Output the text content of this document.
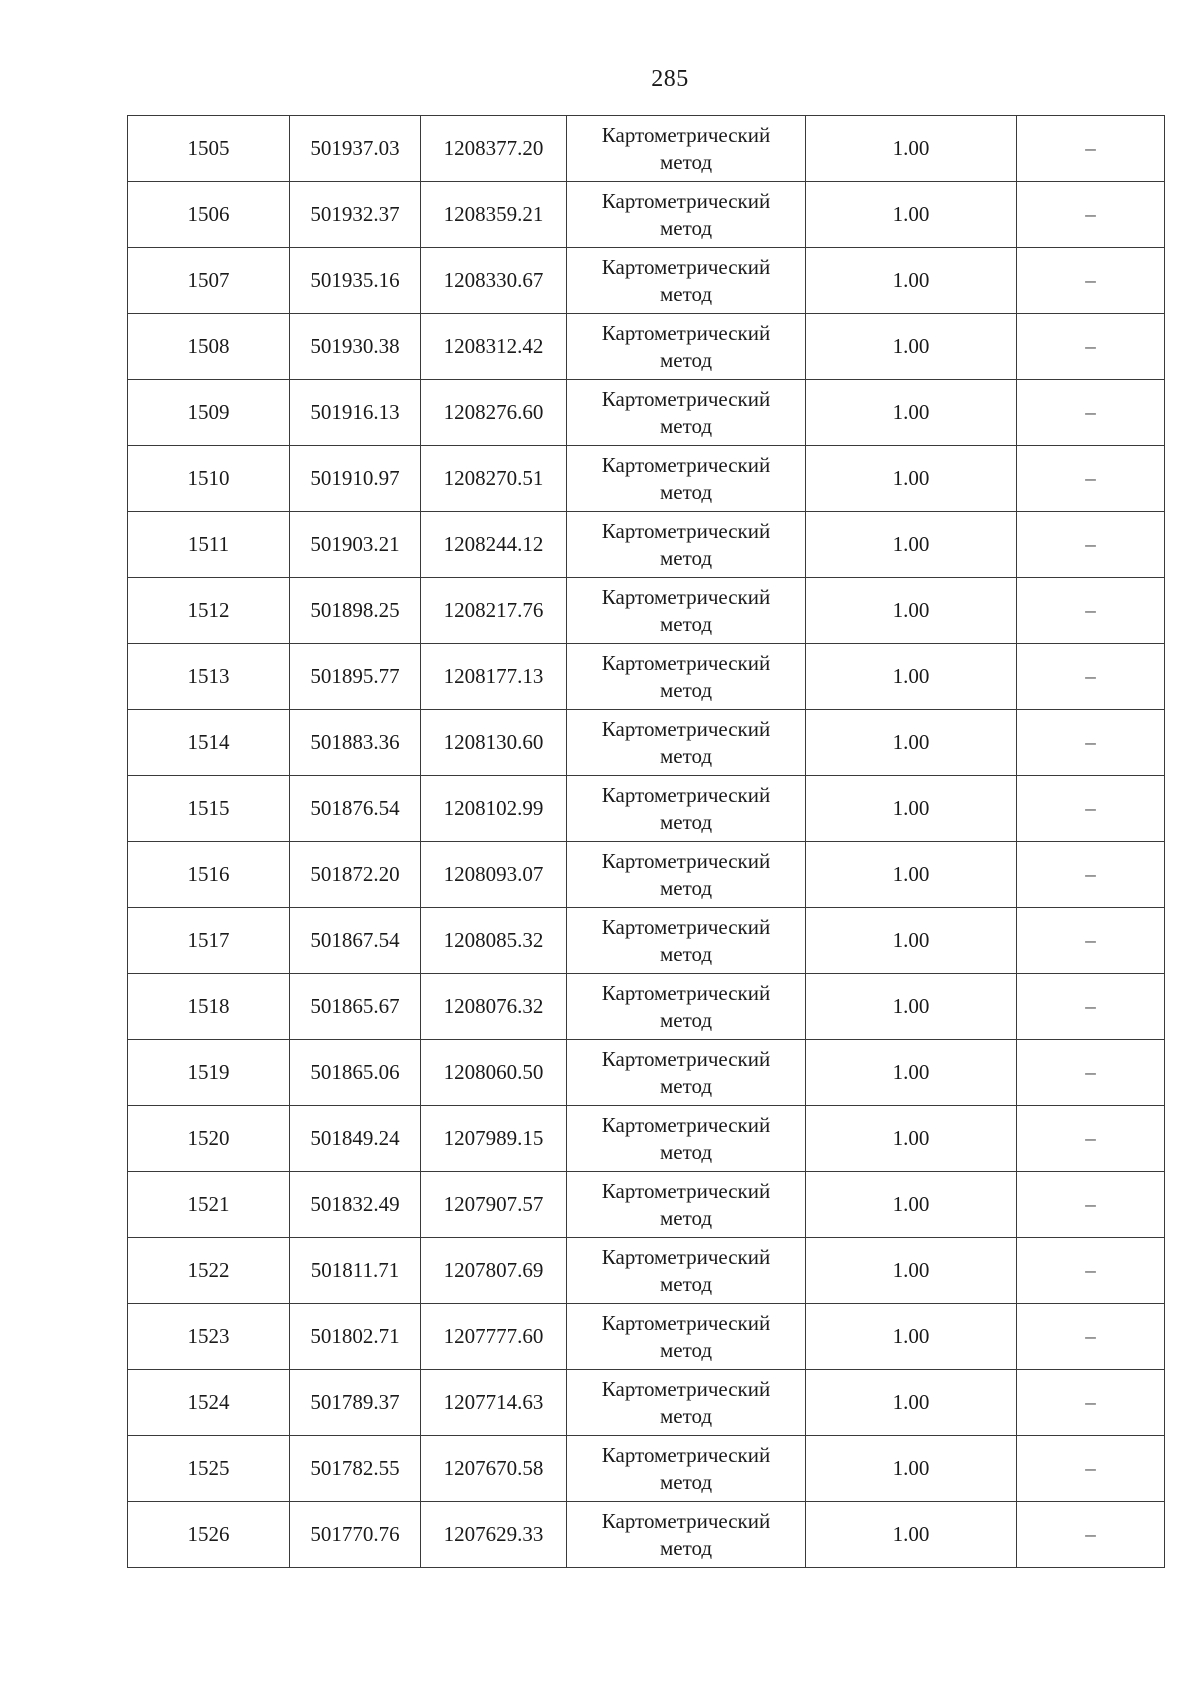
285
1505	501937.03	1208377.20	Картометрический
метод	1.00	–
1506	501932.37	1208359.21	Картометрический
метод	1.00	–
1507	501935.16	1208330.67	Картометрический
метод	1.00	–
1508	501930.38	1208312.42	Картометрический
метод	1.00	–
1509	501916.13	1208276.60	Картометрический
метод	1.00	–
1510	501910.97	1208270.51	Картометрический
метод	1.00	–
1511	501903.21	1208244.12	Картометрический
метод	1.00	–
1512	501898.25	1208217.76	Картометрический
метод	1.00	–
1513	501895.77	1208177.13	Картометрический
метод	1.00	–
1514	501883.36	1208130.60	Картометрический
метод	1.00	–
1515	501876.54	1208102.99	Картометрический
метод	1.00	–
1516	501872.20	1208093.07	Картометрический
метод	1.00	–
1517	501867.54	1208085.32	Картометрический
метод	1.00	–
1518	501865.67	1208076.32	Картометрический
метод	1.00	–
1519	501865.06	1208060.50	Картометрический
метод	1.00	–
1520	501849.24	1207989.15	Картометрический
метод	1.00	–
1521	501832.49	1207907.57	Картометрический
метод	1.00	–
1522	501811.71	1207807.69	Картометрический
метод	1.00	–
1523	501802.71	1207777.60	Картометрический
метод	1.00	–
1524	501789.37	1207714.63	Картометрический
метод	1.00	–
1525	501782.55	1207670.58	Картометрический
метод	1.00	–
1526	501770.76	1207629.33	Картометрический
метод	1.00	–
